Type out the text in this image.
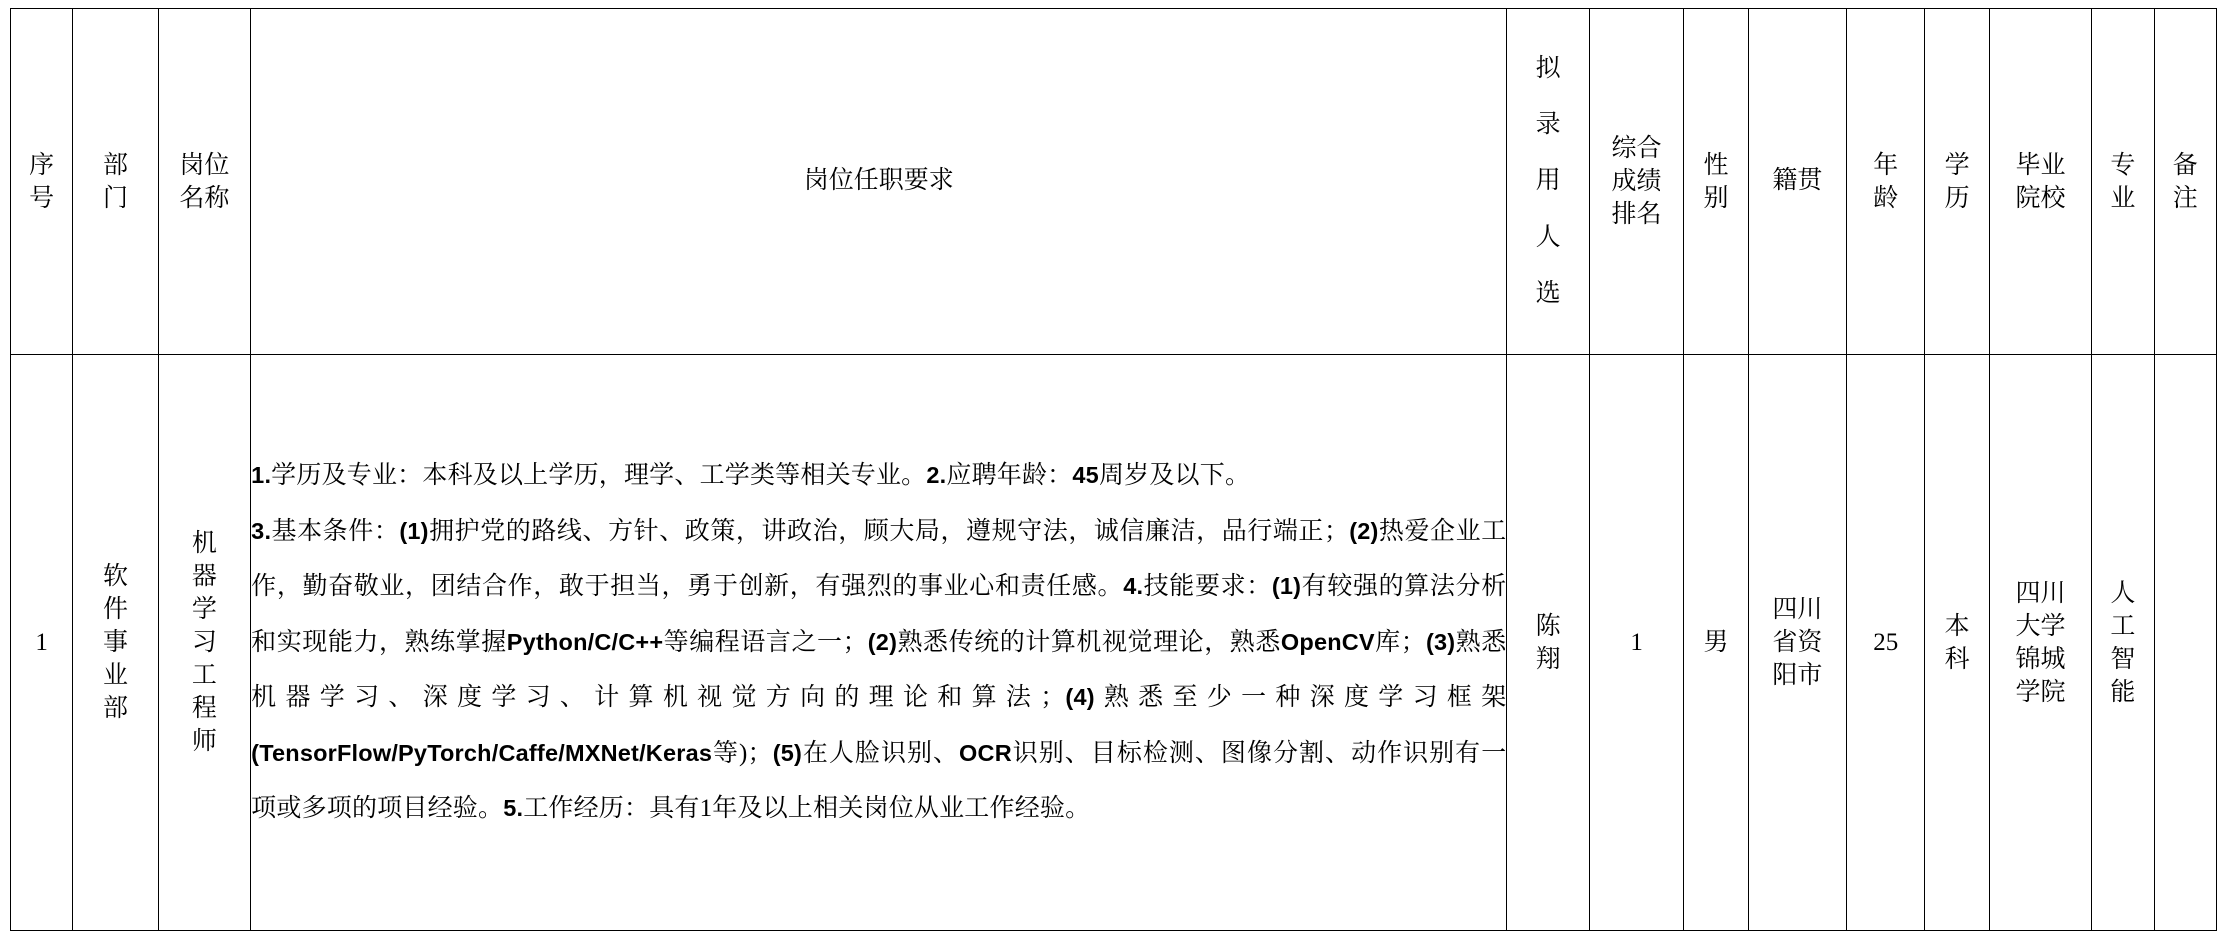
序号	部门	岗位名称	岗位任职要求	拟录用人选	综合成绩排名	性别	籍贯	年龄	学历	毕业院校	专业	备注

1	软件事业部	机器学习工程师	1.学历及专业：本科及以上学历，理学、工学类等相关专业。2.应聘年龄：45周岁及以下。

3.基本条件：(1)拥护党的路线、方针、政策，讲政治，顾大局，遵规守法，诚信廉洁，品行端正；(2)热爱企业工作，勤奋敬业，团结合作，敢于担当，勇于创新，有强烈的事业心和责任感。4.技能要求：(1)有较强的算法分析和实现能力，熟练掌握Python/C/C++等编程语言之一；(2)熟悉传统的计算机视觉理论，熟悉OpenCV库；(3)熟悉机器学习、深度学习、计算机视觉方向的理论和算法；(4)熟悉至少一种深度学习框架(TensorFlow/PyTorch/Caffe/MXNet/Keras等)；(5)在人脸识别、OCR识别、目标检测、图像分割、动作识别有一项或多项的项目经验。5.工作经历：具有1年及以上相关岗位从业工作经验。	陈翔	1	男	四川省资阳市	25	本科	四川大学锦城学院	人工智能	
